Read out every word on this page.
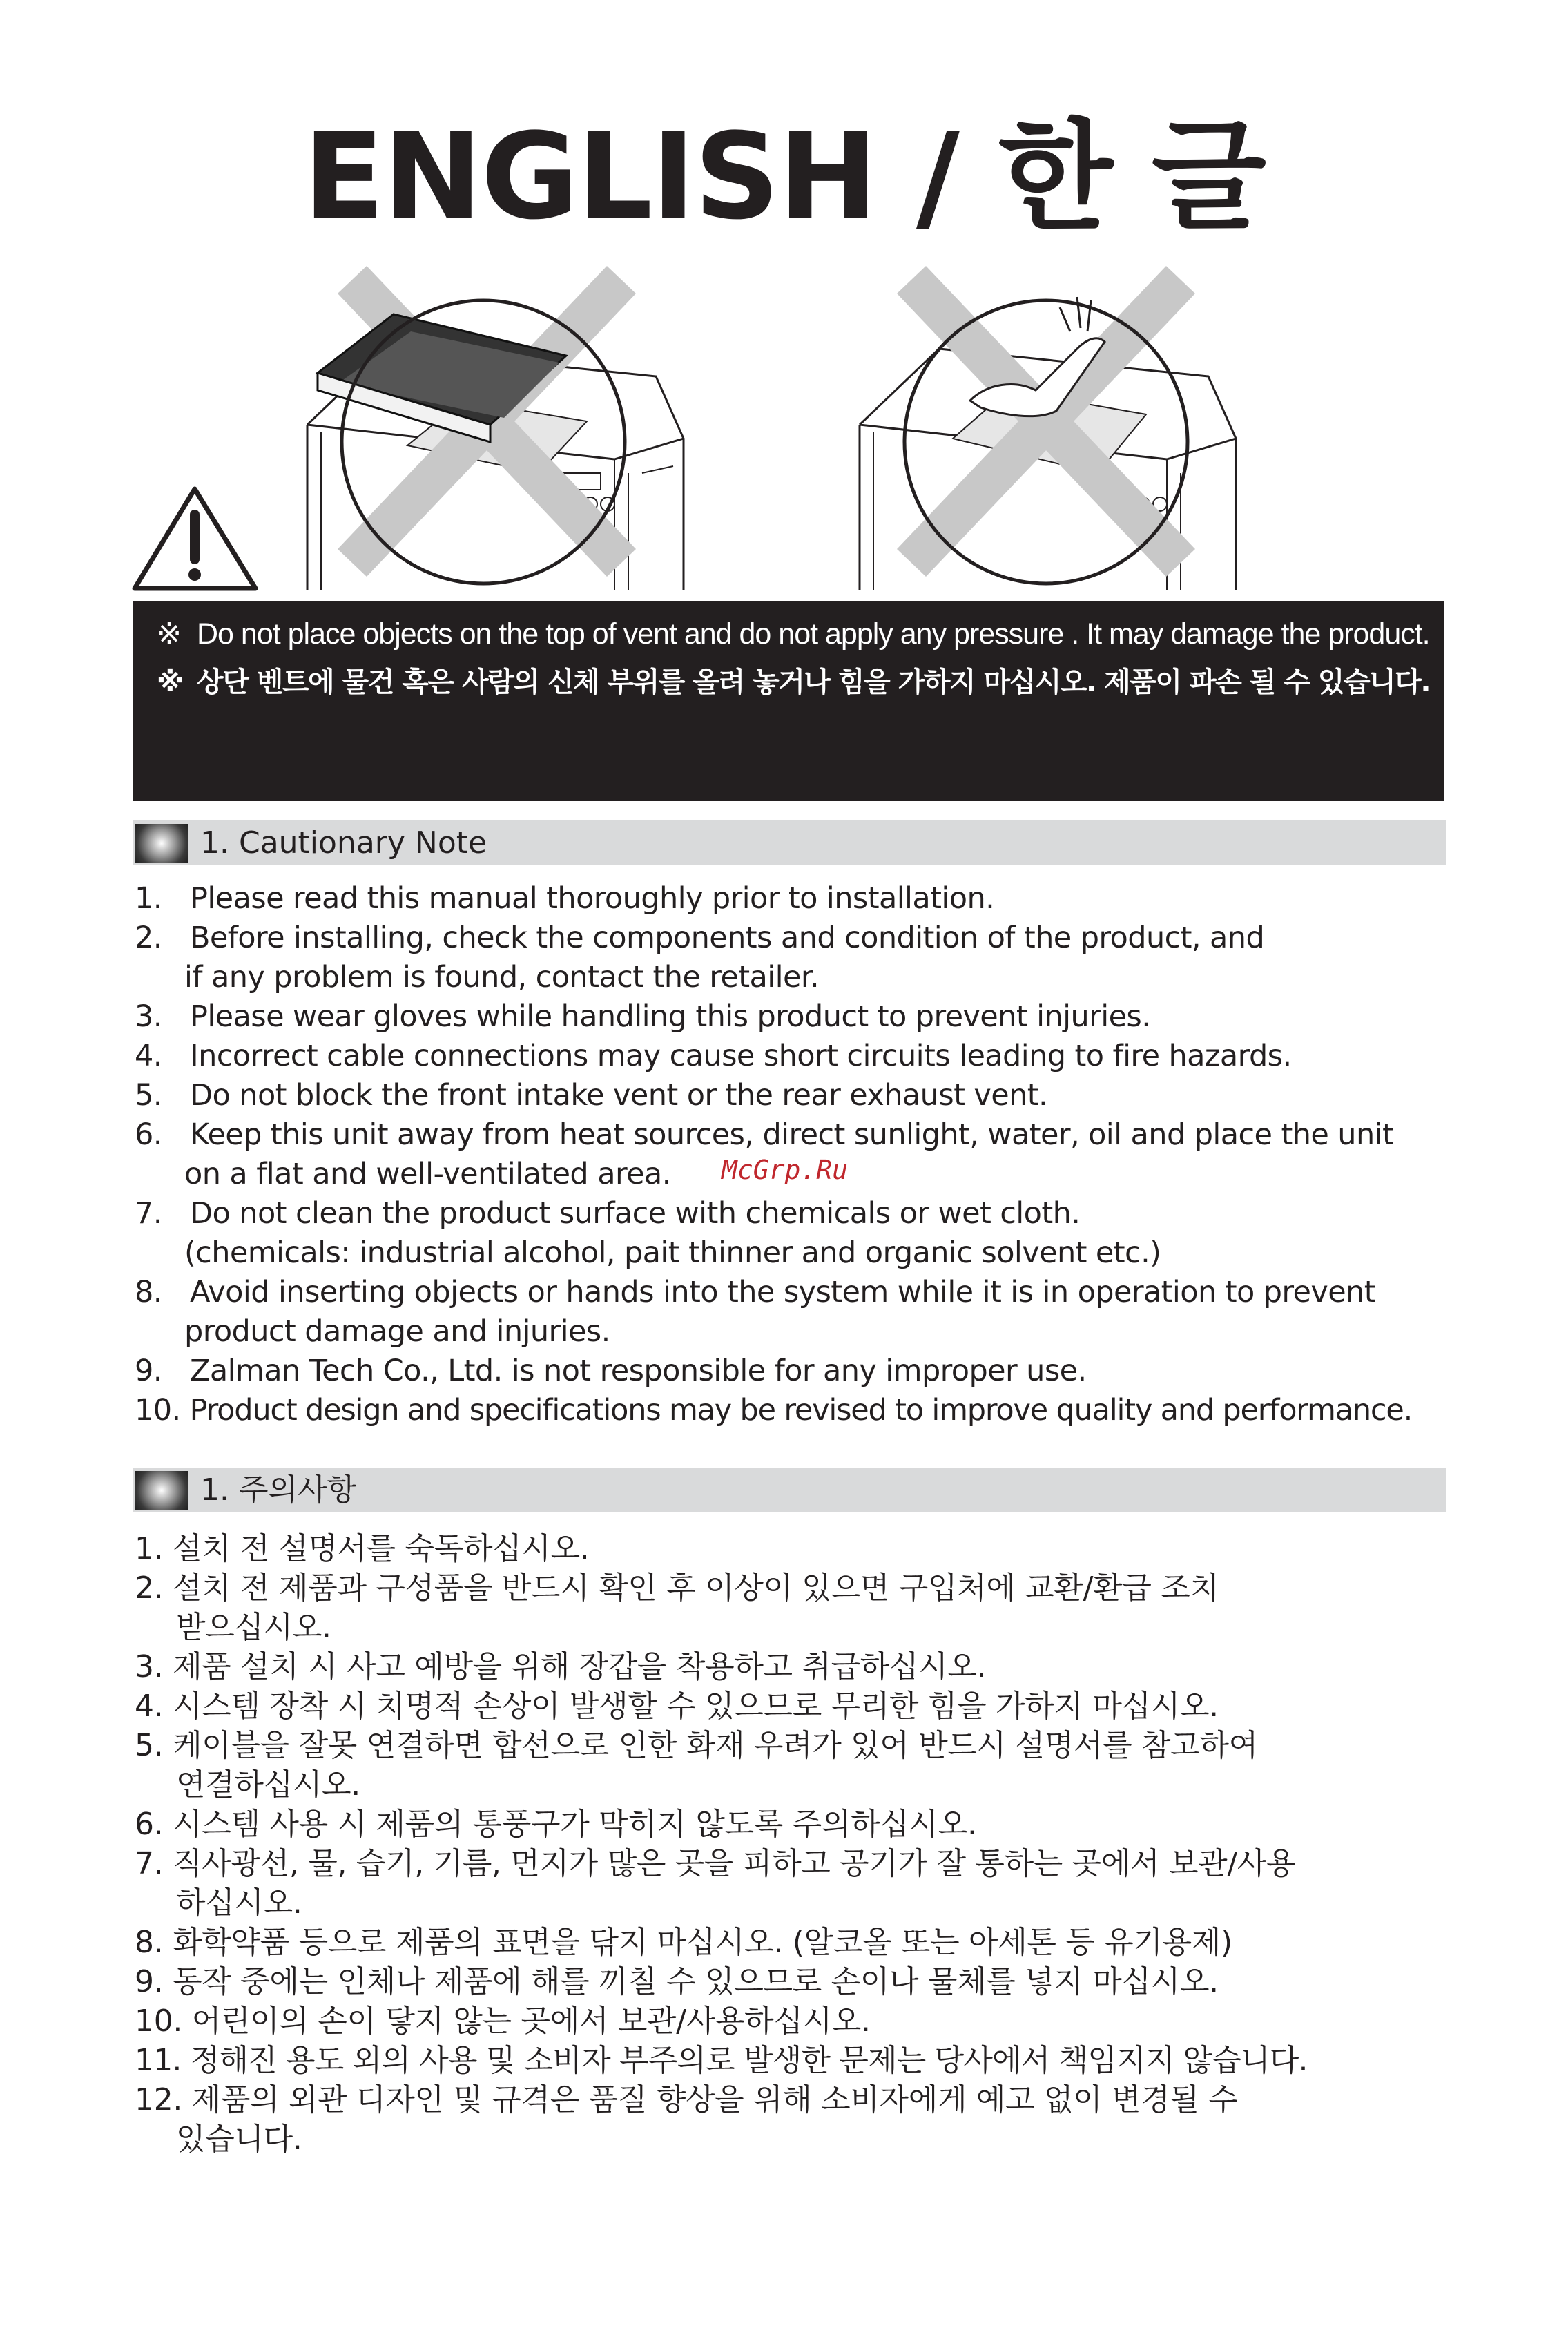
ENGLISH / 한 글
※ Do not place objects on the top of vent and do not apply any pressure . It may damage the product.
※ 상단 벤트에 물건 혹은 사람의 신체 부위를 올려 놓거나 힘을 가하지 마십시오. 제품이 파손 될 수 있습니다.
1. Cautionary Note
1. Please read this manual thoroughly prior to installation.
2. Before installing, check the components and condition of the product, and
if any problem is found, contact the retailer.
3. Please wear gloves while handling this product to prevent injuries.
4. Incorrect cable connections may cause short circuits leading to fire hazards.
5. Do not block the front intake vent or the rear exhaust vent.
6. Keep this unit away from heat sources, direct sunlight, water, oil and place the unit
on a flat and well-ventilated area.
7. Do not clean the product surface with chemicals or wet cloth.
(chemicals: industrial alcohol, pait thinner and organic solvent etc.)
8. Avoid inserting objects or hands into the system while it is in operation to prevent
product damage and injuries.
9. Zalman Tech Co., Ltd. is not responsible for any improper use.
10. Product design and specifications may be revised to improve quality and performance.
McGrp.Ru
1. 주의사항
1. 설치 전 설명서를 숙독하십시오.
2. 설치 전 제품과 구성품을 반드시 확인 후 이상이 있으면 구입처에 교환/환급 조치
받으십시오.
3. 제품 설치 시 사고 예방을 위해 장갑을 착용하고 취급하십시오.
4. 시스템 장착 시 치명적 손상이 발생할 수 있으므로 무리한 힘을 가하지 마십시오.
5. 케이블을 잘못 연결하면 합선으로 인한 화재 우려가 있어 반드시 설명서를 참고하여
연결하십시오.
6. 시스템 사용 시 제품의 통풍구가 막히지 않도록 주의하십시오.
7. 직사광선, 물, 습기, 기름, 먼지가 많은 곳을 피하고 공기가 잘 통하는 곳에서 보관/사용
하십시오.
8. 화학약품 등으로 제품의 표면을 닦지 마십시오. (알코올 또는 아세톤 등 유기용제)
9. 동작 중에는 인체나 제품에 해를 끼칠 수 있으므로 손이나 물체를 넣지 마십시오.
10. 어린이의 손이 닿지 않는 곳에서 보관/사용하십시오.
11. 정해진 용도 외의 사용 및 소비자 부주의로 발생한 문제는 당사에서 책임지지 않습니다.
12. 제품의 외관 디자인 및 규격은 품질 향상을 위해 소비자에게 예고 없이 변경될 수
있습니다.
